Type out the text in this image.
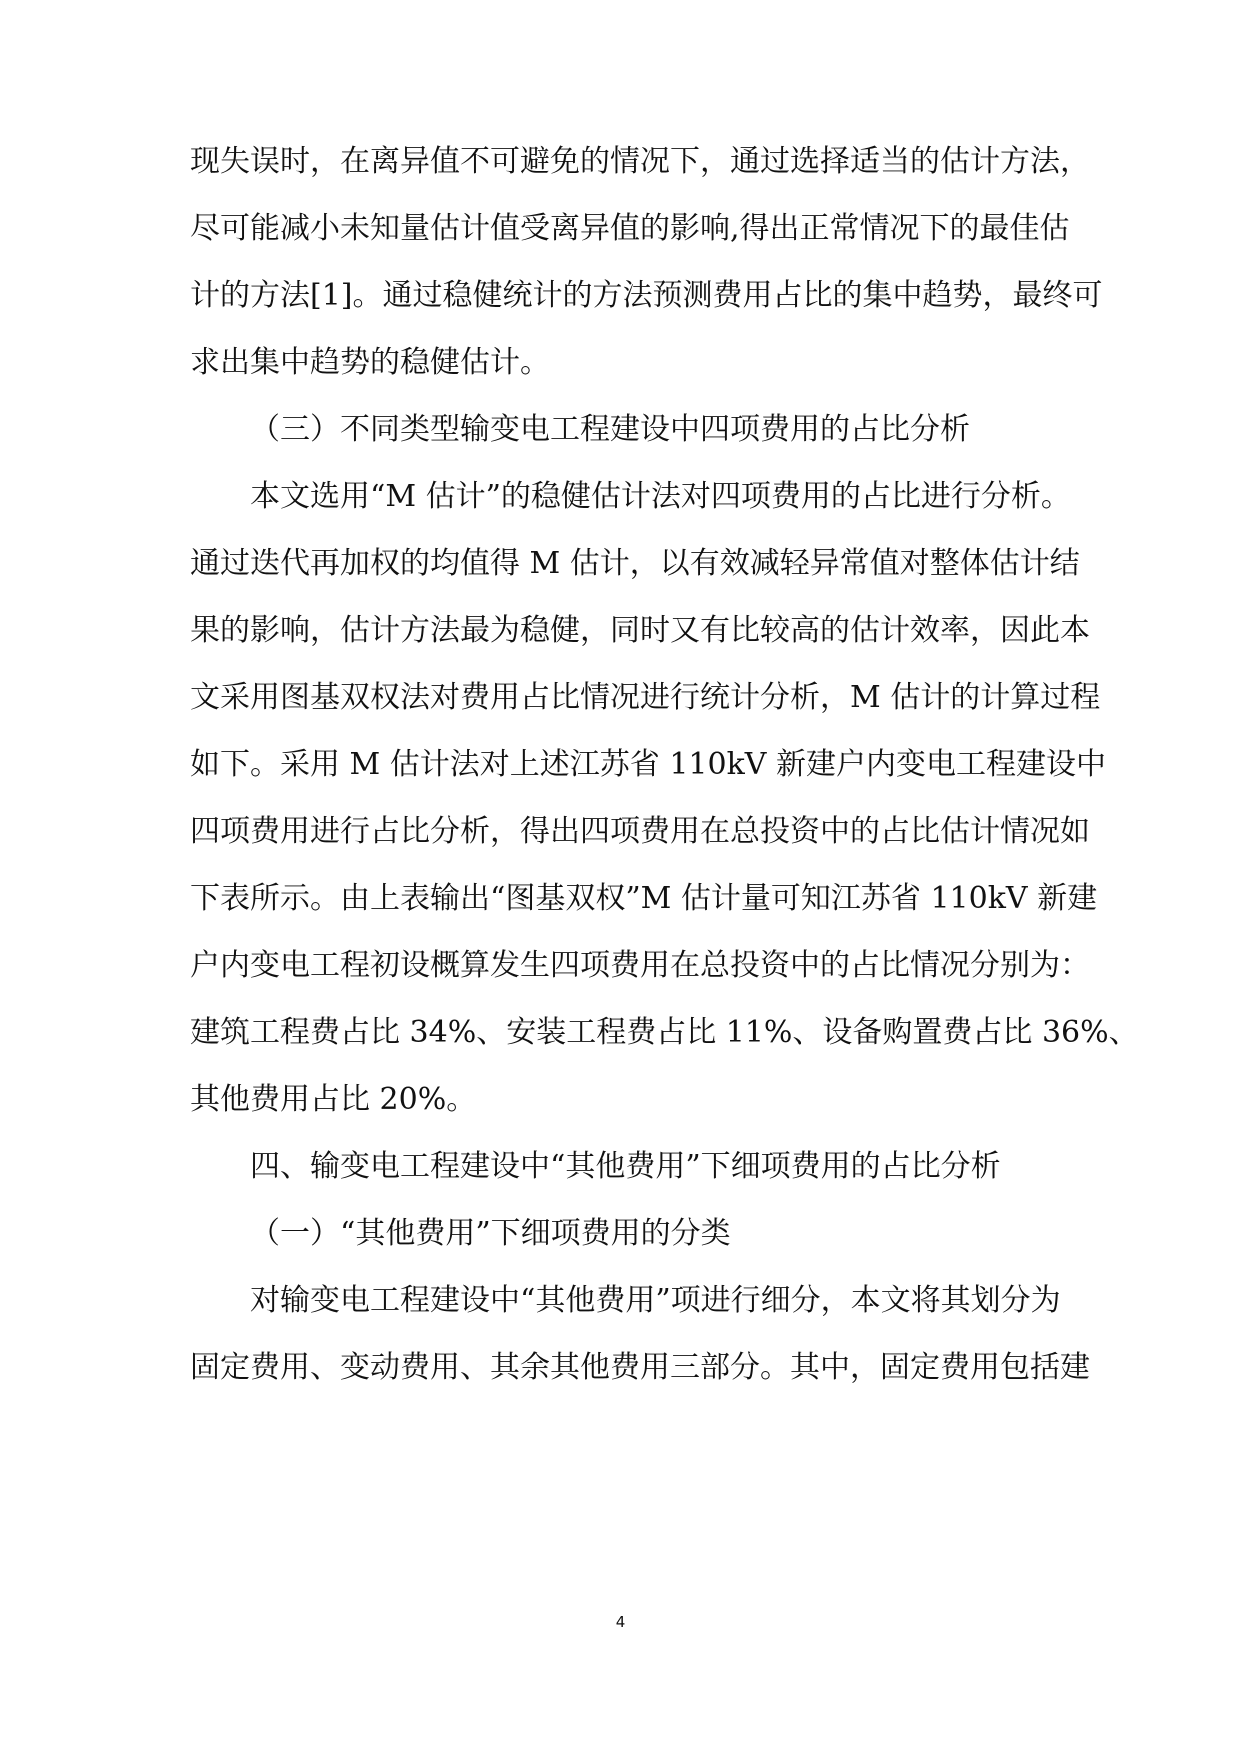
现失误时，在离异值不可避免的情况下，通过选择适当的估计方法，
尽可能减小未知量估计值受离异值的影响,得出正常情况下的最佳估
计的方法[1]。通过稳健统计的方法预测费用占比的集中趋势，最终可
求出集中趋势的稳健估计。
（三）不同类型输变电工程建设中四项费用的占比分析
本文选用“M 估计”的稳健估计法对四项费用的占比进行分析。
通过迭代再加权的均值得 M 估计，以有效减轻异常值对整体估计结
果的影响，估计方法最为稳健，同时又有比较高的估计效率，因此本
文采用图基双权法对费用占比情况进行统计分析，M 估计的计算过程
如下。采用 M 估计法对上述江苏省 110kV 新建户内变电工程建设中
四项费用进行占比分析，得出四项费用在总投资中的占比估计情况如
下表所示。由上表输出“图基双权”M 估计量可知江苏省 110kV 新建
户内变电工程初设概算发生四项费用在总投资中的占比情况分别为：
建筑工程费占比 34%、安装工程费占比 11%、设备购置费占比 36%、
其他费用占比 20%。
四、输变电工程建设中“其他费用”下细项费用的占比分析
（一）“其他费用”下细项费用的分类
对输变电工程建设中“其他费用”项进行细分，本文将其划分为
固定费用、变动费用、其余其他费用三部分。其中，固定费用包括建
4
